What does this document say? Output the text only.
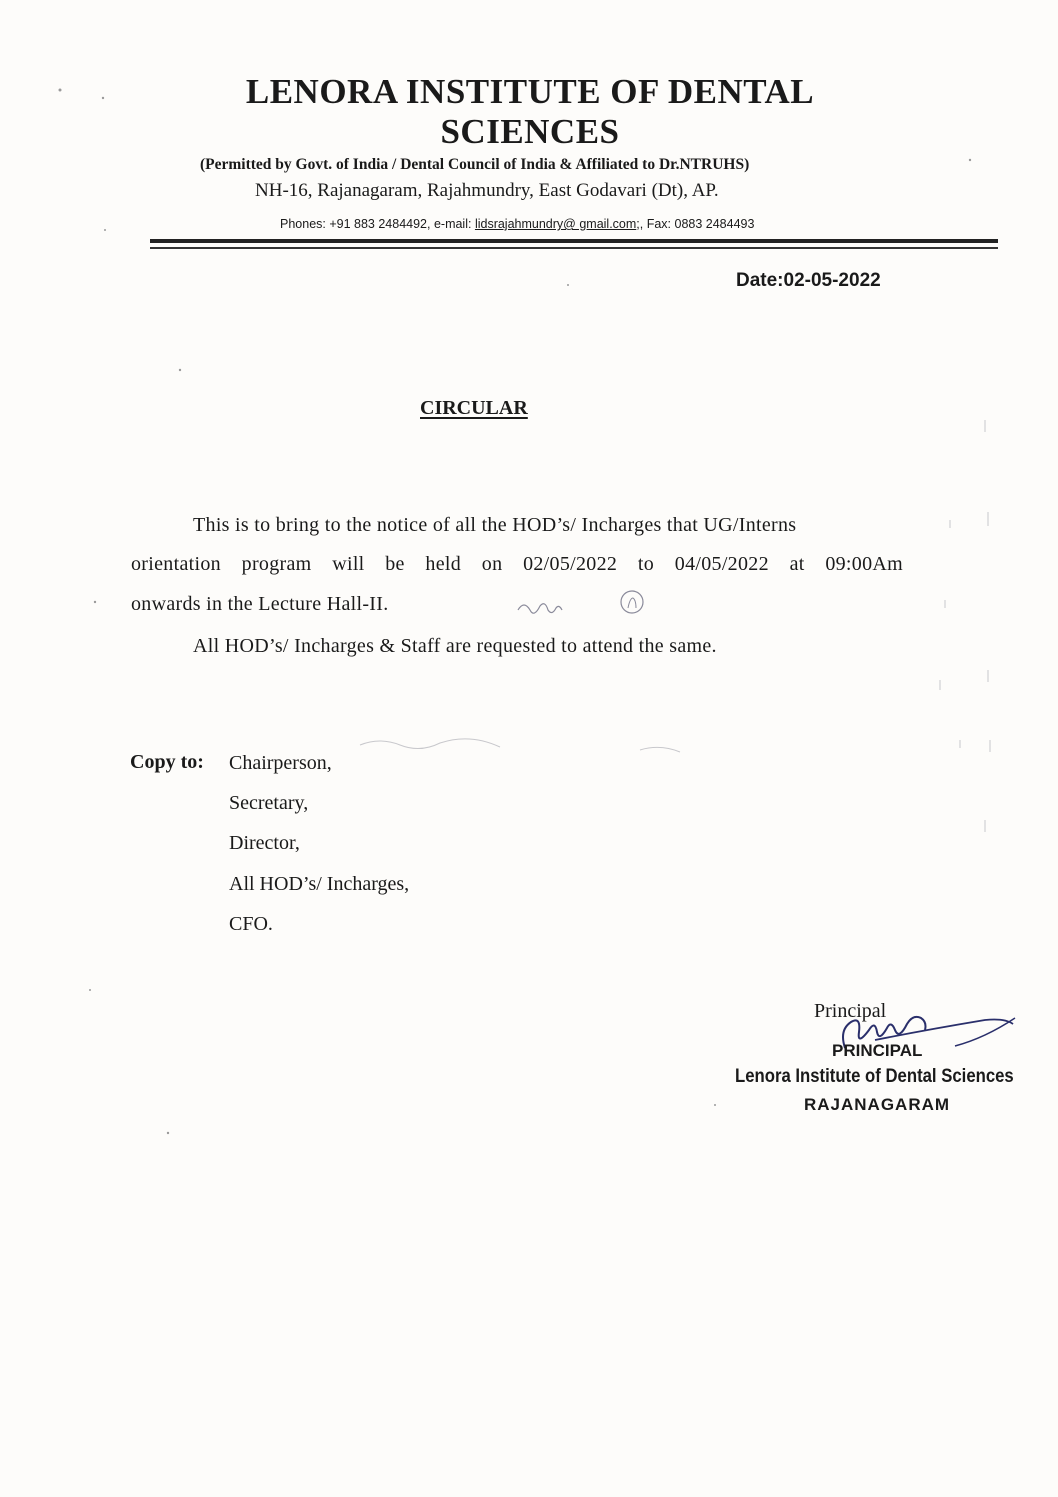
LENORA INSTITUTE OF DENTAL
SCIENCES
(Permitted by Govt. of India / Dental Council of India & Affiliated to Dr.NTRUHS)
NH-16, Rajanagaram, Rajahmundry, East Godavari (Dt), AP.
Phones: +91 883 2484492, e-mail: lidsrajahmundry@ gmail.com;, Fax: 0883 2484493
Date:02-05-2022
CIRCULAR
This is to bring to the notice of all the HOD’s/ Incharges that UG/Interns
orientation program will be held on 02/05/2022 to 04/05/2022 at 09:00Am
onwards in the Lecture Hall-II.
All HOD’s/ Incharges & Staff are requested to attend the same.
Copy to: Chairperson,
Secretary,
Director,
All HOD’s/ Incharges,
CFO.
Principal
PRINCIPAL
Lenora Institute of Dental Sciences
RAJANAGARAM
